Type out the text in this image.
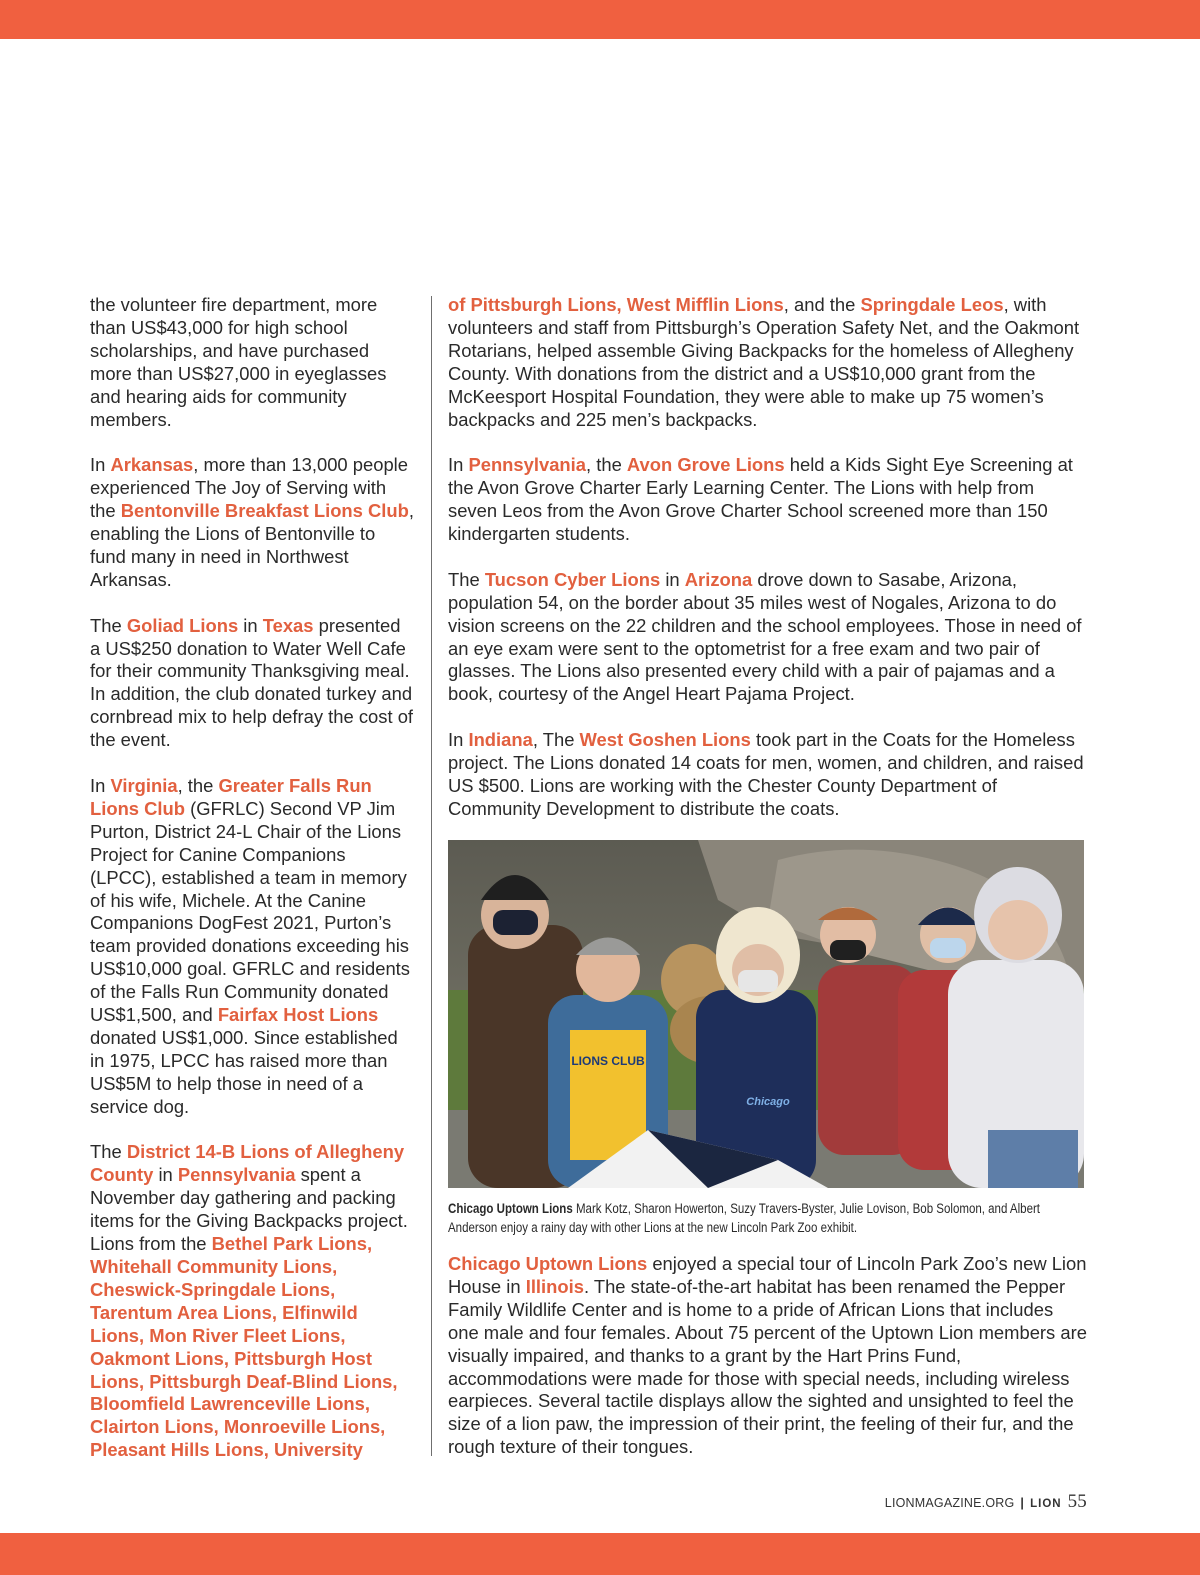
the volunteer fire department, more than US$43,000 for high school scholarships, and have purchased more than US$27,000 in eyeglasses and hearing aids for community members.

In Arkansas, more than 13,000 people experienced The Joy of Serving with the Bentonville Breakfast Lions Club, enabling the Lions of Bentonville to fund many in need in Northwest Arkansas.

The Goliad Lions in Texas presented a US$250 donation to Water Well Cafe for their community Thanksgiving meal. In addition, the club donated turkey and cornbread mix to help defray the cost of the event.

In Virginia, the Greater Falls Run Lions Club (GFRLC) Second VP Jim Purton, District 24-L Chair of the Lions Project for Canine Companions (LPCC), established a team in memory of his wife, Michele. At the Canine Companions DogFest 2021, Purton’s team provided donations exceeding his US$10,000 goal. GFRLC and residents of the Falls Run Community donated US$1,500, and Fairfax Host Lions donated US$1,000. Since established in 1975, LPCC has raised more than US$5M to help those in need of a service dog.

The District 14-B Lions of Allegheny County in Pennsylvania spent a November day gathering and packing items for the Giving Backpacks project. Lions from the Bethel Park Lions, Whitehall Community Lions, Cheswick-Springdale Lions, Tarentum Area Lions, Elfinwild Lions, Mon River Fleet Lions, Oakmont Lions, Pittsburgh Host Lions, Pittsburgh Deaf-Blind Lions, Bloomfield Lawrenceville Lions, Clairton Lions, Monroeville Lions, Pleasant Hills Lions, University

of Pittsburgh Lions, West Mifflin Lions, and the Springdale Leos, with volunteers and staff from Pittsburgh’s Operation Safety Net, and the Oakmont Rotarians, helped assemble Giving Backpacks for the homeless of Allegheny County. With donations from the district and a US$10,000 grant from the McKeesport Hospital Foundation, they were able to make up 75 women’s backpacks and 225 men’s backpacks.

In Pennsylvania, the Avon Grove Lions held a Kids Sight Eye Screening at the Avon Grove Charter Early Learning Center. The Lions with help from seven Leos from the Avon Grove Charter School screened more than 150 kindergarten students.

The Tucson Cyber Lions in Arizona drove down to Sasabe, Arizona, population 54, on the border about 35 miles west of Nogales, Arizona to do vision screens on the 22 children and the school employees. Those in need of an eye exam were sent to the optometrist for a free exam and two pair of glasses. The Lions also presented every child with a pair of pajamas and a book, courtesy of the Angel Heart Pajama Project.

In Indiana, The West Goshen Lions took part in the Coats for the Homeless project. The Lions donated 14 coats for men, women, and children, and raised US $500. Lions are working with the Chester County Department of Community Development to distribute the coats.

LIONS CLUB
Chicago
Chicago Uptown Lions Mark Kotz, Sharon Howerton, Suzy Travers-Byster, Julie Lovison, Bob Solomon, and Albert Anderson enjoy a rainy day with other Lions at the new Lincoln Park Zoo exhibit.

Chicago Uptown Lions enjoyed a special tour of Lincoln Park Zoo’s new Lion House in Illinois. The state-of-the-art habitat has been renamed the Pepper Family Wildlife Center and is home to a pride of African Lions that includes one male and four females. About 75 percent of the Uptown Lion members are visually impaired, and thanks to a grant by the Hart Prins Fund, accommodations were made for those with special needs, including wireless earpieces. Several tactile displays allow the sighted and unsighted to feel the size of a lion paw, the impression of their print, the feeling of their fur, and the rough texture of their tongues.

LIONMAGAZINE.ORG | LION 55
